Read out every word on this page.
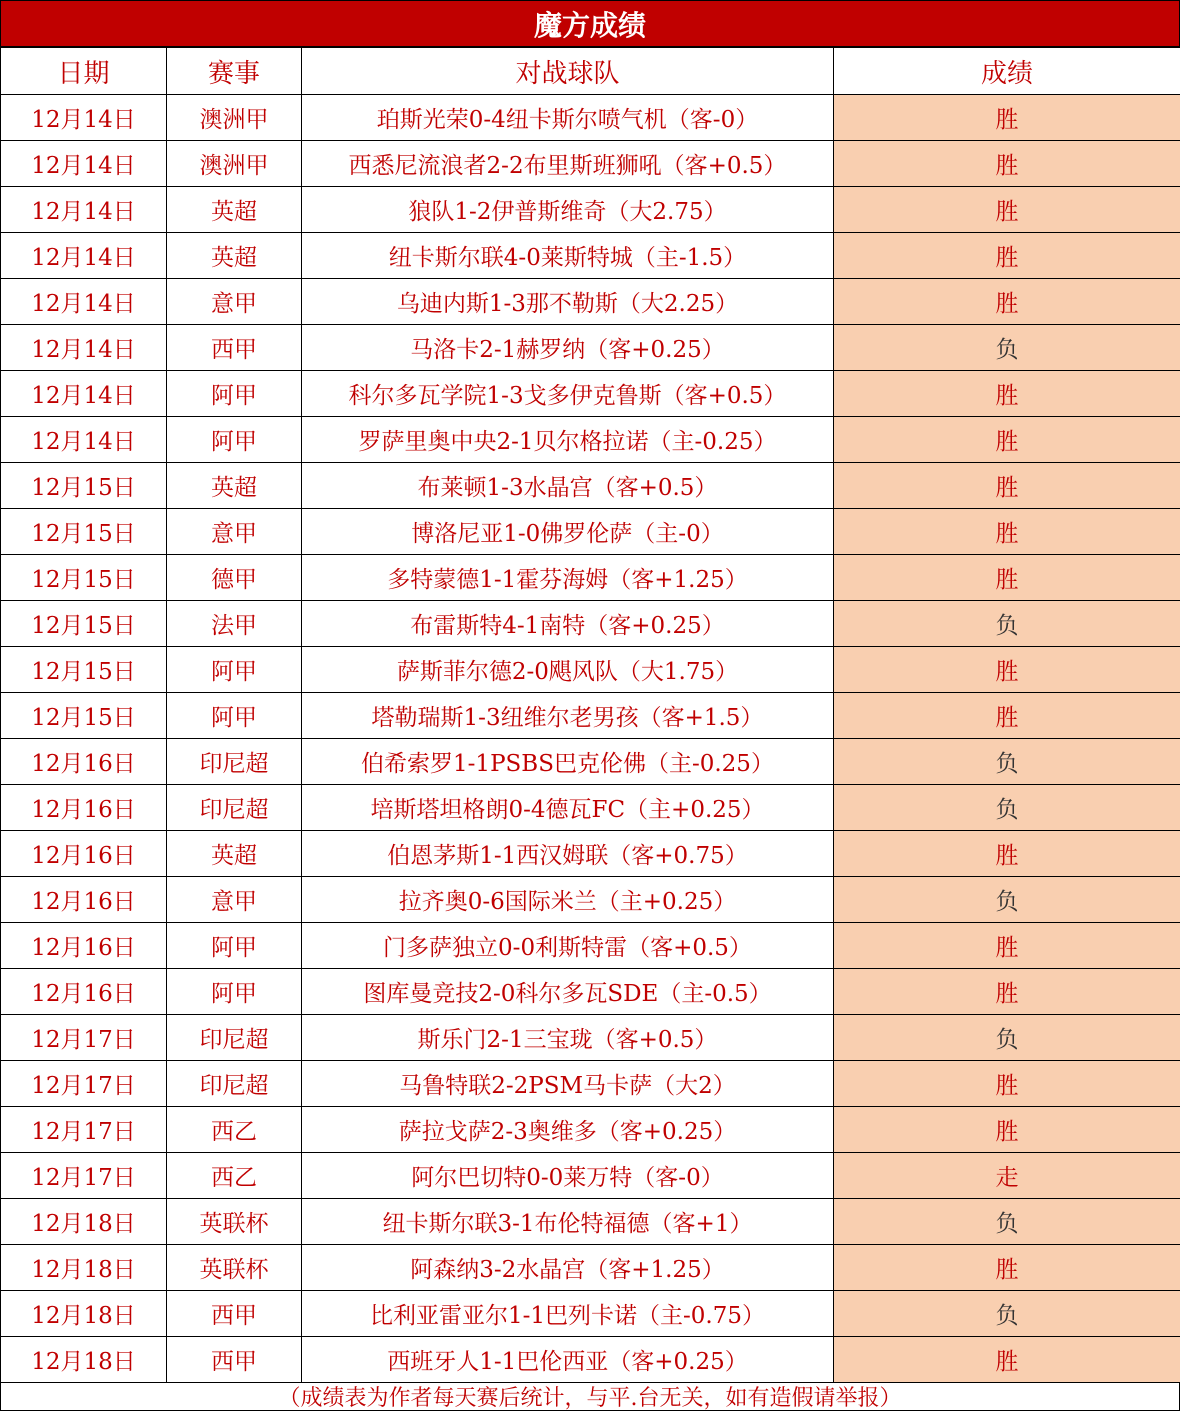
魔方成绩
日期	赛事	对战球队	成绩
12月14日	澳洲甲	珀斯光荣0-4纽卡斯尔喷气机（客-0）	胜
12月14日	澳洲甲	西悉尼流浪者2-2布里斯班狮吼（客+0.5）	胜
12月14日	英超	狼队1-2伊普斯维奇（大2.75）	胜
12月14日	英超	纽卡斯尔联4-0莱斯特城（主-1.5）	胜
12月14日	意甲	乌迪内斯1-3那不勒斯（大2.25）	胜
12月14日	西甲	马洛卡2-1赫罗纳（客+0.25）	负
12月14日	阿甲	科尔多瓦学院1-3戈多伊克鲁斯（客+0.5）	胜
12月14日	阿甲	罗萨里奥中央2-1贝尔格拉诺（主-0.25）	胜
12月15日	英超	布莱顿1-3水晶宫（客+0.5）	胜
12月15日	意甲	博洛尼亚1-0佛罗伦萨（主-0）	胜
12月15日	德甲	多特蒙德1-1霍芬海姆（客+1.25）	胜
12月15日	法甲	布雷斯特4-1南特（客+0.25）	负
12月15日	阿甲	萨斯菲尔德2-0飓风队（大1.75）	胜
12月15日	阿甲	塔勒瑞斯1-3纽维尔老男孩（客+1.5）	胜
12月16日	印尼超	伯希索罗1-1PSBS巴克伦佛（主-0.25）	负
12月16日	印尼超	培斯塔坦格朗0-4德瓦FC（主+0.25）	负
12月16日	英超	伯恩茅斯1-1西汉姆联（客+0.75）	胜
12月16日	意甲	拉齐奥0-6国际米兰（主+0.25）	负
12月16日	阿甲	门多萨独立0-0利斯特雷（客+0.5）	胜
12月16日	阿甲	图库曼竞技2-0科尔多瓦SDE（主-0.5）	胜
12月17日	印尼超	斯乐门2-1三宝珑（客+0.5）	负
12月17日	印尼超	马鲁特联2-2PSM马卡萨（大2）	胜
12月17日	西乙	萨拉戈萨2-3奥维多（客+0.25）	胜
12月17日	西乙	阿尔巴切特0-0莱万特（客-0）	走
12月18日	英联杯	纽卡斯尔联3-1布伦特福德（客+1）	负
12月18日	英联杯	阿森纳3-2水晶宫（客+1.25）	胜
12月18日	西甲	比利亚雷亚尔1-1巴列卡诺（主-0.75）	负
12月18日	西甲	西班牙人1-1巴伦西亚（客+0.25）	胜
（成绩表为作者每天赛后统计，与平.台无关，如有造假请举报）
